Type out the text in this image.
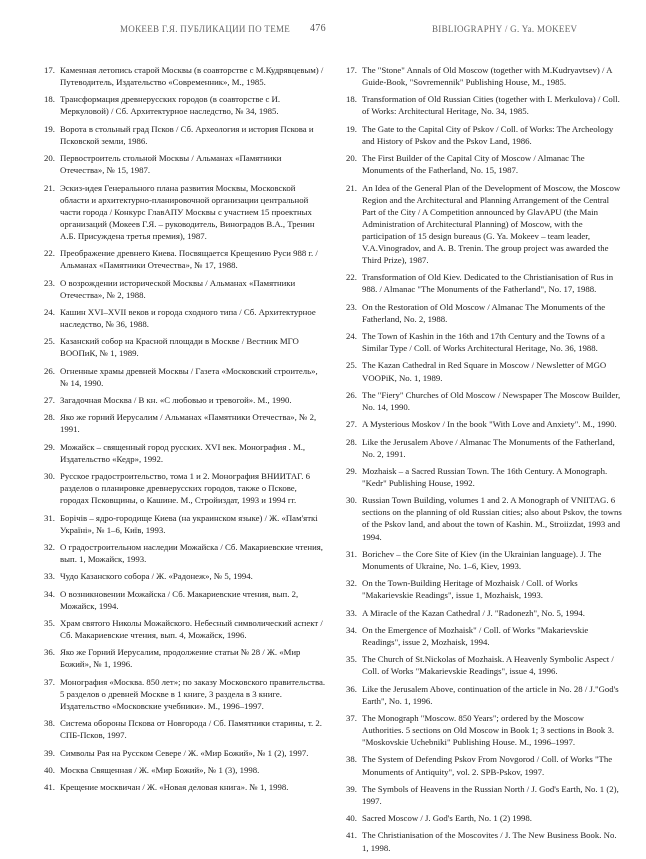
МОКЕЕВ Г.Я. ПУБЛИКАЦИИ ПО ТЕМЕ 476	BIBLIOGRAPHY / G. Ya. MOKEEV
17. Каменная летопись старой Москвы (в соавторстве с М.Кудрявцевым) / Путеводитель, Издательство «Современник», М., 1985.
18. Трансформация древнерусских городов (в соавторстве с И. Меркуловой) / Сб. Архитектурное наследство, № 34, 1985.
19. Ворота в стольный град Псков / Сб. Археология и история Пскова и Псковской земли, 1986.
20. Первостроитель стольной Москвы / Альманах «Памятники Отечества», № 15, 1987.
21. Эскиз-идея Генерального плана развития Москвы, Московской области и архитектурно-планировочной организации центральной части города / Конкурс ГлавАПУ Москвы с участием 15 проектных организаций (Мокеев Г.Я. – руководитель, Виноградов В.А., Тренин А.Б. Присуждена третья премия), 1987.
22. Преображение древнего Киева. Посвящается Крещению Руси 988 г. / Альманах «Памятники Отечества», № 17, 1988.
23. О возрождении исторической Москвы / Альманах «Памятники Отечества», № 2, 1988.
24. Кашин XVI–XVII веков и города сходного типа / Сб. Архитектурное наследство, № 36, 1988.
25. Казанский собор на Красной площади в Москве / Вестник МГО ВООПиК, № 1, 1989.
26. Огненные храмы древней Москвы / Газета «Московский строитель», № 14, 1990.
27. Загадочная Москва / В кн. «С любовью и тревогой». М., 1990.
28. Яко же горний Иерусалим / Альманах «Памятники Отечества», № 2, 1991.
29. Можайск – священный город русских. XVI век. Монография . М., Издательство «Кедр», 1992.
30. Русское градостроительство, тома 1 и 2. Монография ВНИИТАГ. 6 разделов о планировке древнерусских городов, также о Пскове, городах Псковщины, о Кашине. М., Стройиздат, 1993 и 1994 гг.
31. Борiчiв – ядро-городище Киева (на украинском языке) / Ж. «Пам'яткi Україні», № 1–6, Київ, 1993.
32. О градостроительном наследии Можайска / Сб. Макариевские чтения, вып. 1, Можайск, 1993.
33. Чудо Казанского собора / Ж. «Радонеж», № 5, 1994.
34. О возникновении Можайска / Сб. Макариевские чтения, вып. 2, Можайск, 1994.
35. Храм святого Николы Можайского. Небесный символический аспект / Сб. Макариевские чтения, вып. 4, Можайск, 1996.
36. Яко же Горний Иерусалим, продолжение статьи № 28 / Ж. «Мир Божий», № 1, 1996.
37. Монография «Москва. 850 лет»; по заказу Московского правительства. 5 разделов о древней Москве в 1 книге, 3 раздела в 3 книге. Издательство «Московские учебники». М., 1996–1997.
38. Система обороны Пскова от Новгорода / Сб. Памятники старины, т. 2. СПБ-Псков, 1997.
39. Символы Рая на Русском Севере / Ж. «Мир Божий», № 1 (2), 1997.
40. Москва Священная / Ж. «Мир Божий», № 1 (3), 1998.
41. Крещение москвичан / Ж. «Новая деловая книга». № 1, 1998.
17. The "Stone" Annals of Old Moscow (together with M.Kudryavtsev) / A Guide-Book, "Sovremennik" Publishing House, M., 1985.
18. Transformation of Old Russian Cities (together with I. Merkulova) / Coll. of Works: Architectural Heritage, No. 34, 1985.
19. The Gate to the Capital City of Pskov / Coll. of Works: The Archeology and History of Pskov and the Pskov Land, 1986.
20. The First Builder of the Capital City of Moscow / Almanac The Monuments of the Fatherland, No. 15, 1987.
21. An Idea of the General Plan of the Development of Moscow, the Moscow Region and the Architectural and Planning Arrangement of the Central Part of the City / A Competition announced by GlavAPU (the Main Administration of Architectural Planning) of Moscow, with the participation of 15 design bureaus (G. Ya. Mokeev – team leader, V.A.Vinogradov, and A. B. Trenin. The group project was awarded the Third Prize), 1987.
22. Transformation of Old Kiev. Dedicated to the Christianisation of Rus in 988. / Almanac "The Monuments of the Fatherland", No. 17, 1988.
23. On the Restoration of Old Moscow / Almanac The Monuments of the Fatherland, No. 2, 1988.
24. The Town of Kashin in the 16th and 17th Century and the Towns of a Similar Type / Coll. of Works Architectural Heritage, No. 36, 1988.
25. The Kazan Cathedral in Red Square in Moscow / Newsletter of MGO VOOPiK, No. 1, 1989.
26. The "Fiery" Churches of Old Moscow / Newspaper The Moscow Builder, No. 14, 1990.
27. A Mysterious Moskov / In the book "With Love and Anxiety". M., 1990.
28. Like the Jerusalem Above / Almanac The Monuments of the Fatherland, No. 2, 1991.
29. Mozhaisk – a Sacred Russian Town. The 16th Century. A Monograph. "Kedr" Publishing House, 1992.
30. Russian Town Building, volumes 1 and 2. A Monograph of VNIITAG. 6 sections on the planning of old Russian cities; also about Pskov, the towns of the Pskov land, and about the town of Kashin. M., Stroiizdat, 1993 and 1994.
31. Borichev – the Core Site of Kiev (in the Ukrainian language). J. The Monuments of Ukraine, No. 1–6, Kiev, 1993.
32. On the Town-Building Heritage of Mozhaisk / Coll. of Works "Makarievskie Readings", issue 1, Mozhaisk, 1993.
33. A Miracle of the Kazan Cathedral / J. "Radonezh", No. 5, 1994.
34. On the Emergence of Mozhaisk" / Coll. of Works "Makarievskie Readings", issue 2, Mozhaisk, 1994.
35. The Church of St.Nickolas of Mozhaisk. A Heavenly Symbolic Aspect / Coll. of Works "Makarievskie Readings", issue 4, 1996.
36. Like the Jerusalem Above, continuation of the article in No. 28 / J."God's Earth", No. 1, 1996.
37. The Monograph "Moscow. 850 Years"; ordered by the Moscow Authorities. 5 sections on Old Moscow in Book 1; 3 sections in Book 3. "Moskovskie Uchebniki" Publishing House. M., 1996–1997.
38. The System of Defending Pskov From Novgorod / Coll. of Works "The Monuments of Antiquity", vol. 2. SPB-Pskov, 1997.
39. The Symbols of Heavens in the Russian North / J. God's Earth, No. 1 (2), 1997.
40. Sacred Moscow / J. God's Earth, No. 1 (2) 1998.
41. The Christianisation of the Moscovites / J. The New Business Book. No. 1, 1998.
